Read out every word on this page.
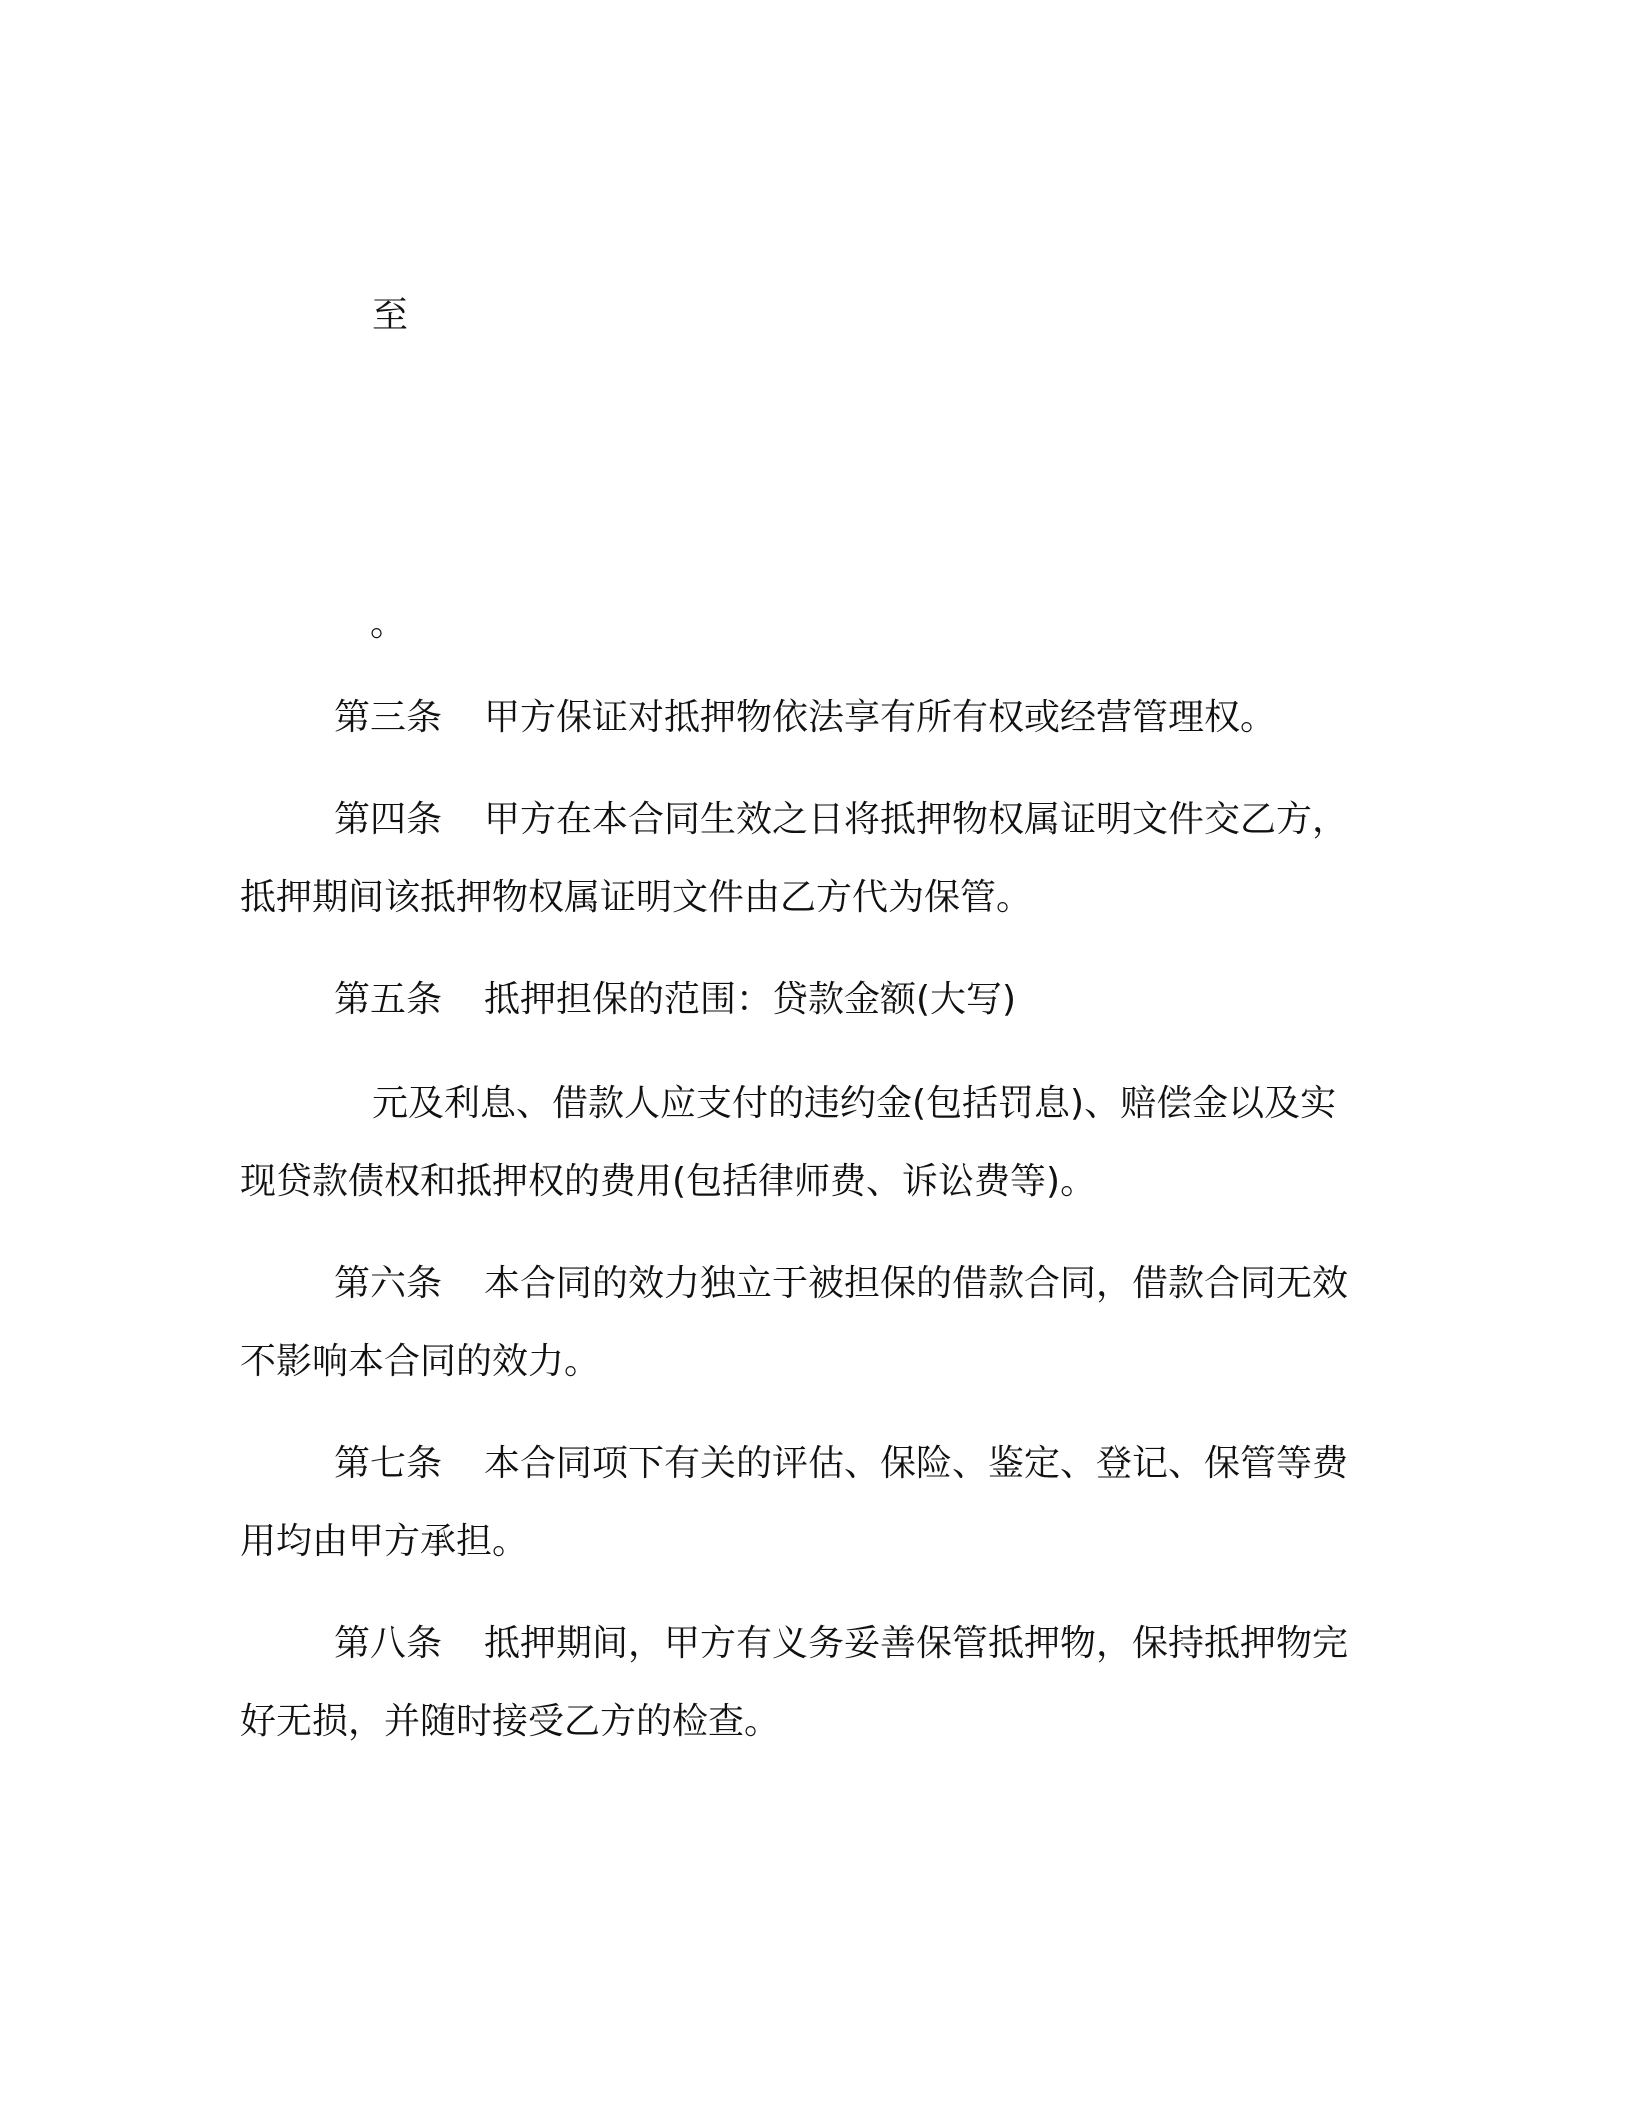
至
。
第三条 甲方保证对抵押物依法享有所有权或经营管理权。
第四条 甲方在本合同生效之日将抵押物权属证明文件交乙方，
抵押期间该抵押物权属证明文件由乙方代为保管。
第五条 抵押担保的范围：贷款金额(大写)
元及利息、借款人应支付的违约金(包括罚息)、赔偿金以及实
现贷款债权和抵押权的费用(包括律师费、诉讼费等)。
第六条 本合同的效力独立于被担保的借款合同，借款合同无效
不影响本合同的效力。
第七条 本合同项下有关的评估、保险、鉴定、登记、保管等费
用均由甲方承担。
第八条 抵押期间，甲方有义务妥善保管抵押物，保持抵押物完
好无损，并随时接受乙方的检查。
